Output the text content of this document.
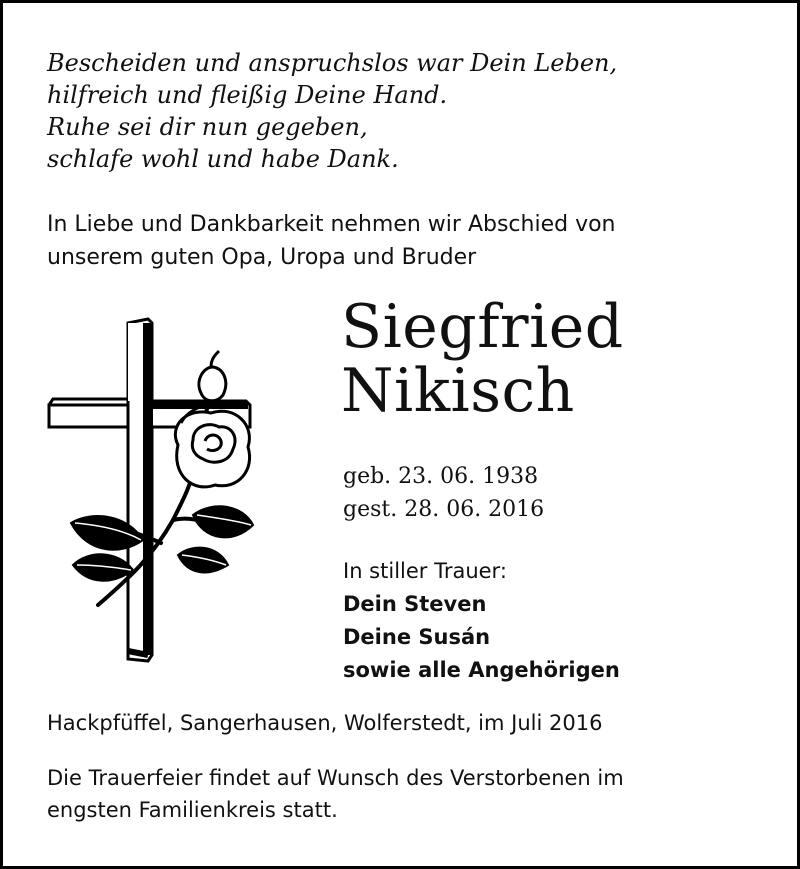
Bescheiden und anspruchslos war Dein Leben,
hilfreich und fleißig Deine Hand.
Ruhe sei dir nun gegeben,
schlafe wohl und habe Dank.
In Liebe und Dankbarkeit nehmen wir Abschied von
unserem guten Opa, Uropa und Bruder
Siegfried
Nikisch
geb. 23. 06. 1938
gest. 28. 06. 2016
In stiller Trauer:
Dein Steven
Deine Susán
sowie alle Angehörigen
Hackpfüffel, Sangerhausen, Wolferstedt, im Juli 2016
Die Trauerfeier findet auf Wunsch des Verstorbenen im
engsten Familienkreis statt.
